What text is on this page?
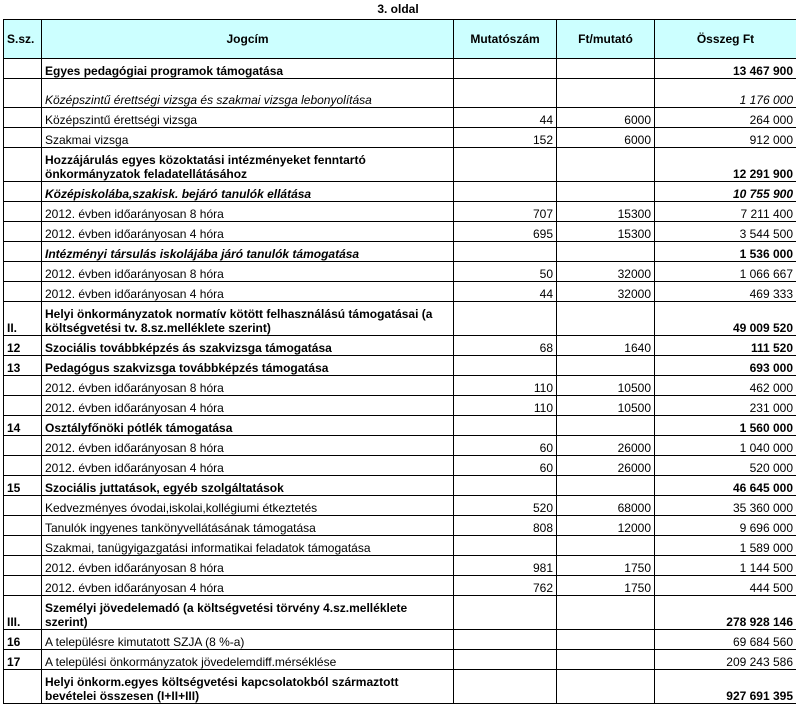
3. oldal
S.sz.	Jogcím	Mutatószám	Ft/mutató	Összeg Ft
	Egyes pedagógiai programok támogatása			13 467 900
	Középszintű érettségi vizsga és szakmai vizsga lebonyolítása			1 176 000
	Középszintű érettségi vizsga	44	6000	264 000
	Szakmai vizsga	152	6000	912 000
	Hozzájárulás egyes közoktatási intézményeket fenntartó önkormányzatok feladatellátásához			12 291 900
	Középiskolába,szakisk. bejáró tanulók ellátása			10 755 900
	2012. évben időarányosan 8 hóra	707	15300	7 211 400
	2012. évben időarányosan 4 hóra	695	15300	3 544 500
	Intézményi társulás iskolájába járó tanulók támogatása			1 536 000
	2012. évben időarányosan 8 hóra	50	32000	1 066 667
	2012. évben időarányosan 4 hóra	44	32000	469 333
II.	Helyi önkormányzatok normatív kötött felhasználású támogatásai (a költségvetési tv. 8.sz.melléklete szerint)			49 009 520
12	Szociális továbbképzés ás szakvizsga támogatása	68	1640	111 520
13	Pedagógus szakvizsga továbbképzés támogatása			693 000
	2012. évben időarányosan 8 hóra	110	10500	462 000
	2012. évben időarányosan 4 hóra	110	10500	231 000
14	Osztályfőnöki pótlék támogatása			1 560 000
	2012. évben időarányosan 8 hóra	60	26000	1 040 000
	2012. évben időarányosan 4 hóra	60	26000	520 000
15	Szociális juttatások, egyéb szolgáltatások			46 645 000
	Kedvezményes óvodai,iskolai,kollégiumi étkeztetés	520	68000	35 360 000
	Tanulók ingyenes tankönyvellátásának támogatása	808	12000	9 696 000
	Szakmai, tanügyigazgatási informatikai feladatok támogatása			1 589 000
	2012. évben időarányosan 8 hóra	981	1750	1 144 500
	2012. évben időarányosan 4 hóra	762	1750	444 500
III.	Személyi jövedelemadó (a költségvetési törvény 4.sz.melléklete szerint)			278 928 146
16	A településre kimutatott SZJA (8 %-a)			69 684 560
17	A települési önkormányzatok jövedelemdiff.mérséklése			209 243 586
	Helyi önkorm.egyes költségvetési kapcsolatokból származtott bevételei összesen (I+II+III)			927 691 395
